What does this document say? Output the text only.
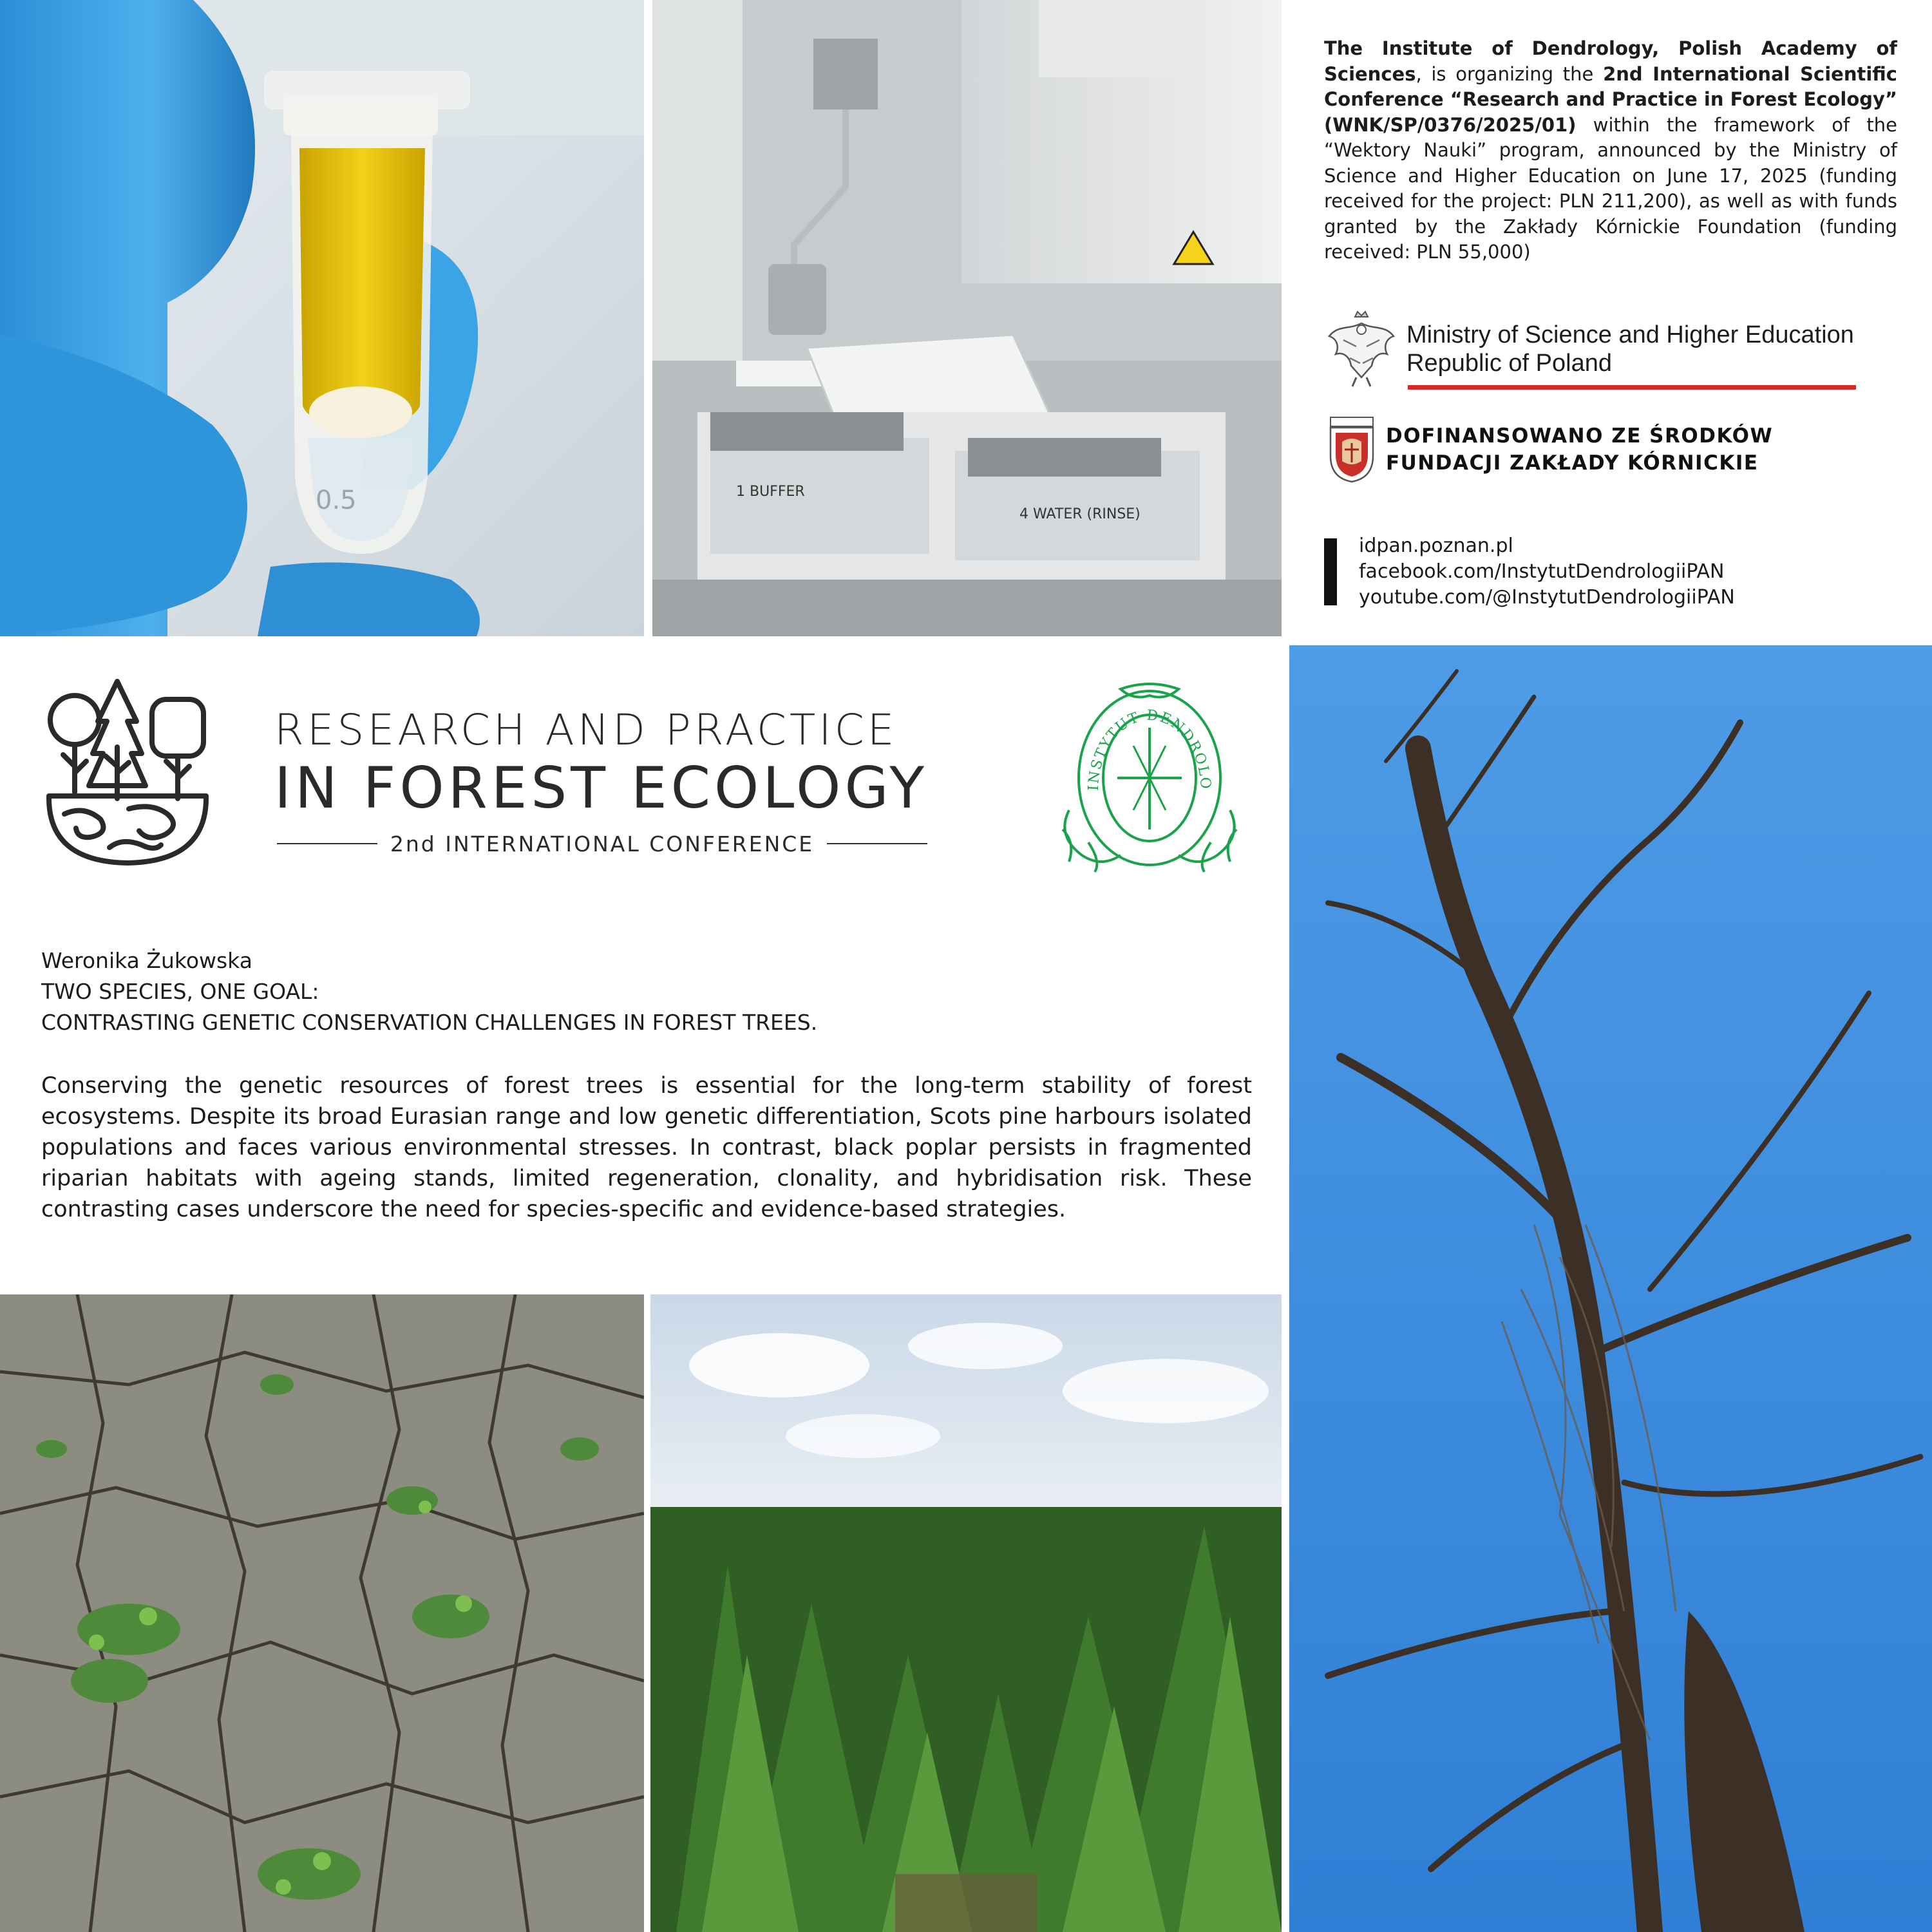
0.5	1 BUFFER
4 WATER (RINSE)

The Institute of Dendrology, Polish Academy of Sciences, is organizing the 2nd International Scientific Conference “Research and Practice in Forest Ecology” (WNK/SP/0376/2025/01) within the framework of the “Wektory Nauki” program, announced by the Ministry of Science and Higher Education on June 17, 2025 (funding received for the project: PLN 211,200), as well as with funds granted by the Zakłady Kórnickie Foundation (funding received: PLN 55,000)

Ministry of Science and Higher Education
Republic of Poland
DOFINANSOWANO ZE ŚRODKÓW
FUNDACJI ZAKŁADY KÓRNICKIE
idpan.poznan.pl
facebook.com/InstytutDendrologiiPAN
youtube.com/@InstytutDendrologiiPAN
RESEARCH AND PRACTICE
IN FOREST ECOLOGY
2nd INTERNATIONAL CONFERENCE
INSTYTUT DENDROLO
Weronika Żukowska
TWO SPECIES, ONE GOAL:
CONTRASTING GENETIC CONSERVATION CHALLENGES IN FOREST TREES.
Conserving the genetic resources of forest trees is essential for the long-term stability of forest ecosystems. Despite its broad Eurasian range and low genetic differentiation, Scots pine harbours isolated populations and faces various environmental stresses. In contrast, black poplar persists in fragmented riparian habitats with ageing stands, limited regeneration, clonality, and hybridisation risk. These contrasting cases underscore the need for species-specific and evidence-based strategies.
